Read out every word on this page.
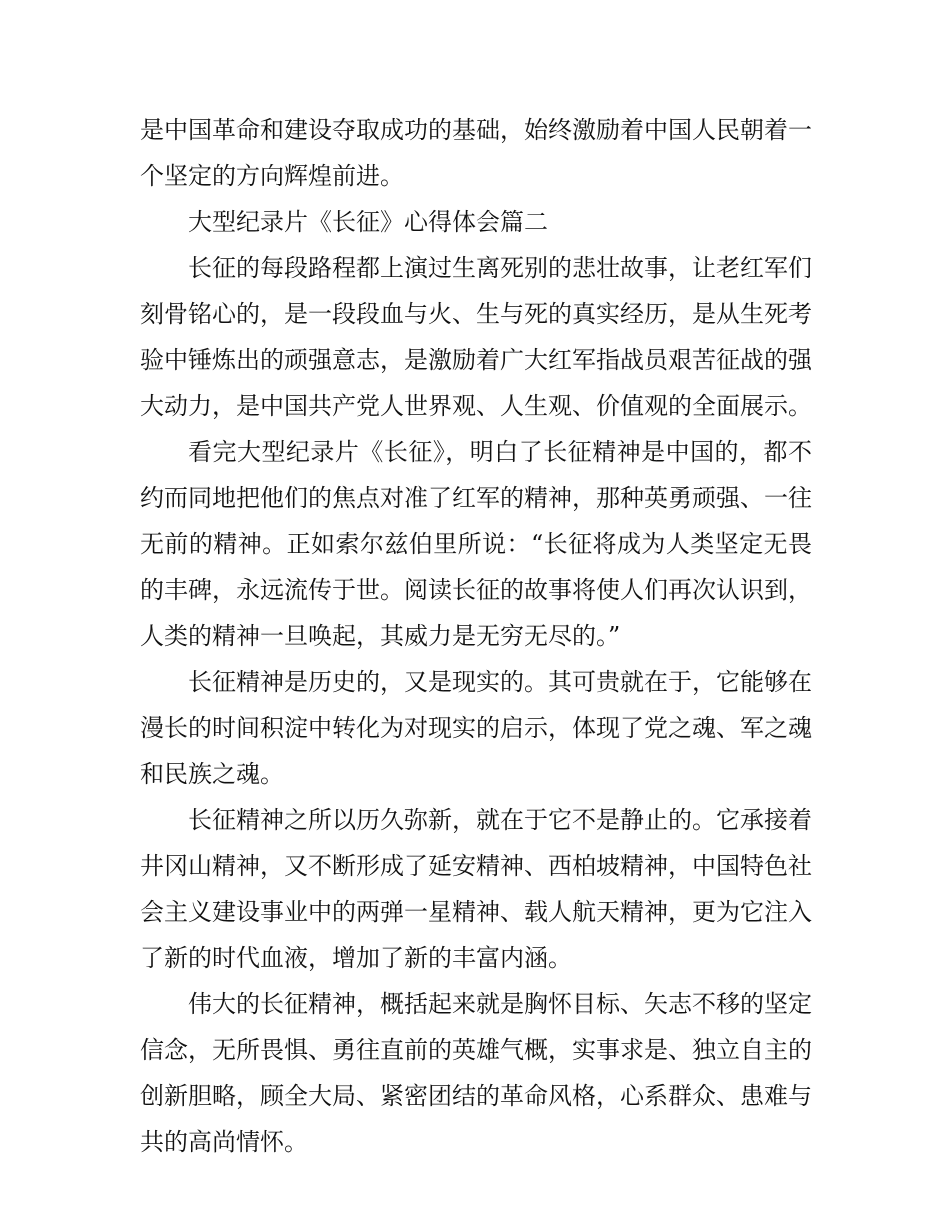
是中国革命和建设夺取成功的基础，始终激励着中国人民朝着一个坚定的方向辉煌前进。

大型纪录片《长征》心得体会篇二

长征的每段路程都上演过生离死别的悲壮故事，让老红军们刻骨铭心的，是一段段血与火、生与死的真实经历，是从生死考验中锤炼出的顽强意志，是激励着广大红军指战员艰苦征战的强大动力，是中国共产党人世界观、人生观、价值观的全面展示。

看完大型纪录片《长征》，明白了长征精神是中国的，都不约而同地把他们的焦点对准了红军的精神，那种英勇顽强、一往无前的精神。正如索尔兹伯里所说：“长征将成为人类坚定无畏的丰碑，永远流传于世。阅读长征的故事将使人们再次认识到，人类的精神一旦唤起，其威力是无穷无尽的。”

长征精神是历史的，又是现实的。其可贵就在于，它能够在漫长的时间积淀中转化为对现实的启示，体现了党之魂、军之魂和民族之魂。

长征精神之所以历久弥新，就在于它不是静止的。它承接着井冈山精神，又不断形成了延安精神、西柏坡精神，中国特色社会主义建设事业中的两弹一星精神、载人航天精神，更为它注入了新的时代血液，增加了新的丰富内涵。

伟大的长征精神，概括起来就是胸怀目标、矢志不移的坚定信念，无所畏惧、勇往直前的英雄气概，实事求是、独立自主的创新胆略，顾全大局、紧密团结的革命风格，心系群众、患难与共的高尚情怀。
